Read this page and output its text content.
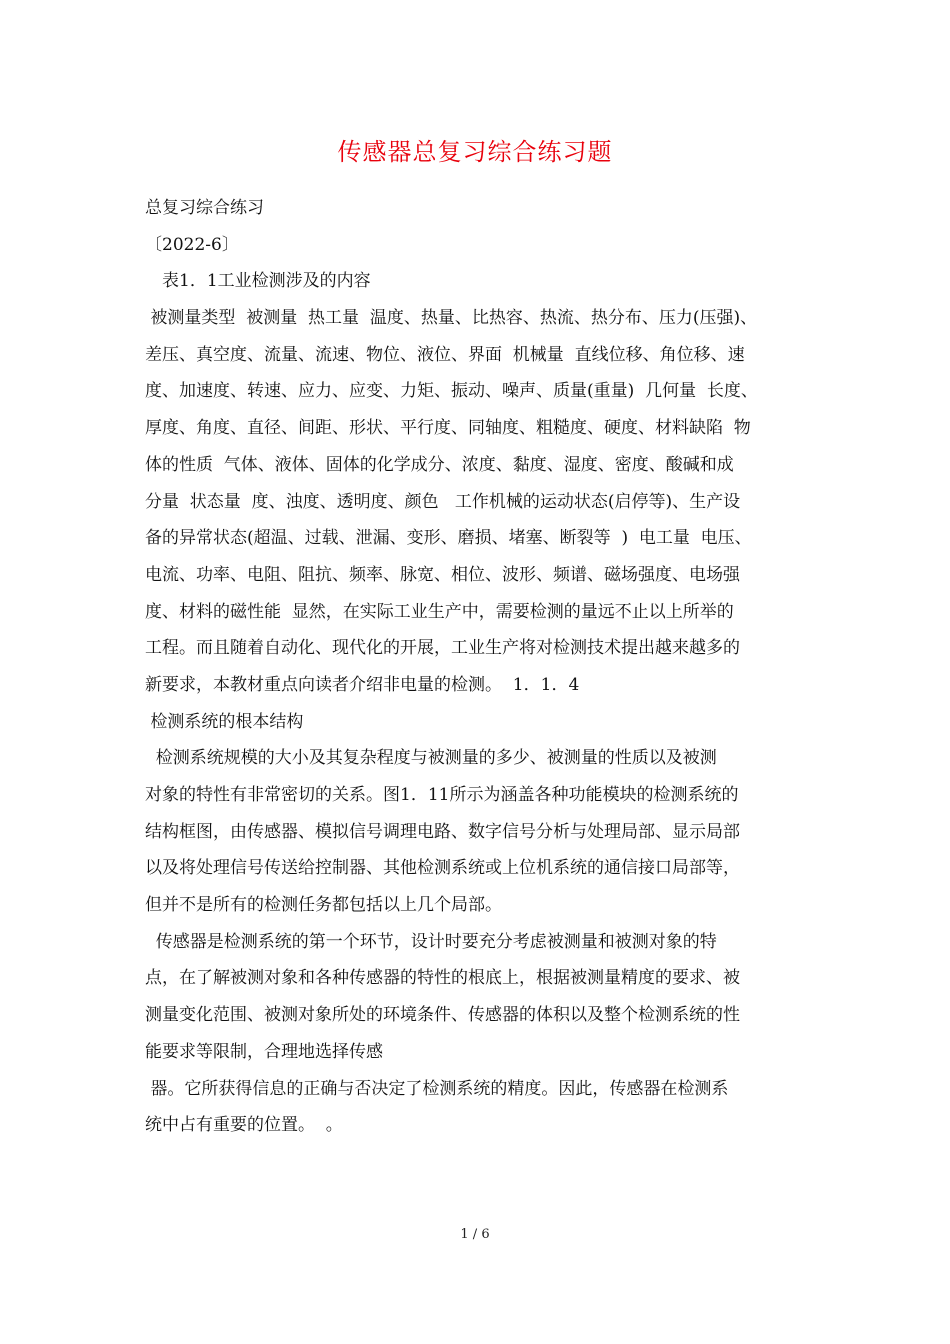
传感器总复习综合练习题
总复习综合练习
〔2022-6〕
　表1．1工业检测涉及的内容
被测量类型  被测量  热工量  温度、热量、比热容、热流、热分布、压力(压强)、
差压、真空度、流量、流速、物位、液位、界面  机械量  直线位移、角位移、速
度、加速度、转速、应力、应变、力矩、振动、噪声、质量(重量)  几何量  长度、
厚度、角度、直径、间距、形状、平行度、同轴度、粗糙度、硬度、材料缺陷  物
体的性质  气体、液体、固体的化学成分、浓度、黏度、湿度、密度、酸碱和成
分量  状态量  度、浊度、透明度、颜色   工作机械的运动状态(启停等)、生产设
备的异常状态(超温、过载、泄漏、变形、磨损、堵塞、断裂等  )  电工量  电压、
电流、功率、电阻、阻抗、频率、脉宽、相位、波形、频谱、磁场强度、电场强
度、材料的磁性能  显然，在实际工业生产中，需要检测的量远不止以上所举的
工程。而且随着自动化、现代化的开展，工业生产将对检测技术提出越来越多的
新要求，本教材重点向读者介绍非电量的检测。  1．1．4
检测系统的根本结构
检测系统规模的大小及其复杂程度与被测量的多少、被测量的性质以及被测
对象的特性有非常密切的关系。图1．11所示为涵盖各种功能模块的检测系统的
结构框图，由传感器、模拟信号调理电路、数字信号分析与处理局部、显示局部
以及将处理信号传送给控制器、其他检测系统或上位机系统的通信接口局部等，
但并不是所有的检测任务都包括以上几个局部。
传感器是检测系统的第一个环节，设计时要充分考虑被测量和被测对象的特
点，在了解被测对象和各种传感器的特性的根底上，根据被测量精度的要求、被
测量变化范围、被测对象所处的环境条件、传感器的体积以及整个检测系统的性
能要求等限制，合理地选择传感
器。它所获得信息的正确与否决定了检测系统的精度。因此，传感器在检测系
统中占有重要的位置。  。
1 / 6
